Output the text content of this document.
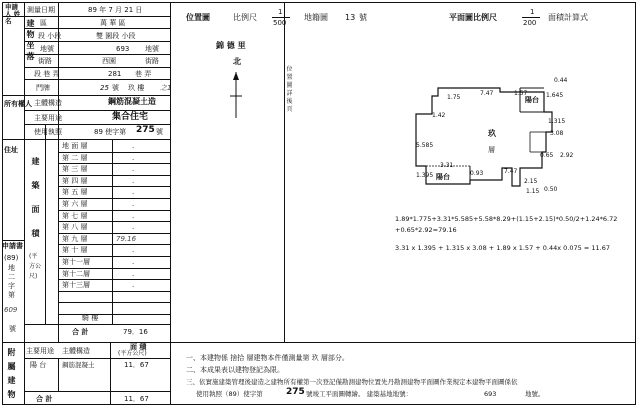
申請人 姓名
測量日期	89 年 7 月 21 日
建物坐落
區	萬 華 區
段 小段	雙 園段 小段
地號	693 地號
街路	西園	街路
段 巷 弄	281 巷 弄
門牌	25 號 玖 樓 之1
所有權人 主體構造	鋼筋混凝土造
主要用途	集合住宅
使用執照	89 使字第 275 號
住址
申請書
(89)
地二字第
609
號
建 築 面 積
(平方公尺)
地 面 層	.
第 二 層	.
第 三 層	.
第 四 層	.
第 五 層	.
第 六 層	.
第 七 層	.
第 八 層	.
第 九 層	79.16
第 十 層	.
第十一層	.
第十二層	.
第十三層	.
騎 樓
合 計	79．16
附屬建物
主要用途 主體構造	面 積
(平方公尺)
陽 台 鋼筋混凝土	11．67
合 計	11．67
位置圖	比例尺
1
500
地籍圖 13 號
錦 德 里
北
位置圖詳後頁
平面圖比例尺
1
200
面積計算式
玖
層
陽台
陽台
0.44
7.47	1.57	1.645
1.75
1.42
1.315
3.08
5.585
0.65 2.92
3.31
1.395
7.47
2.15
1.15 0.50
0.93
1.89*1.775+3.31*5.585+5.58*8.29+(1.15+2.15)*0.50/2+1.24*6.72
+0.65*2.92=79.16
3.31 x 1.395 + 1.315 x 3.08 + 1.89 x 1.57 + 0.44x 0.075 = 11.67
一、本建物係 捨拾 層建物本件僅測量第 玖 層部分。
二、本成果表以建物登記為限。
三、依實施建築管理後建造之建物所有權第一次登記僅勘測建物位置先丹勘測建物平面圖作業規定本建物平面圖係依
使用執照（89）使字第	275 號竣工平面圖轉繪。 建築基地地號：	693	地號。
